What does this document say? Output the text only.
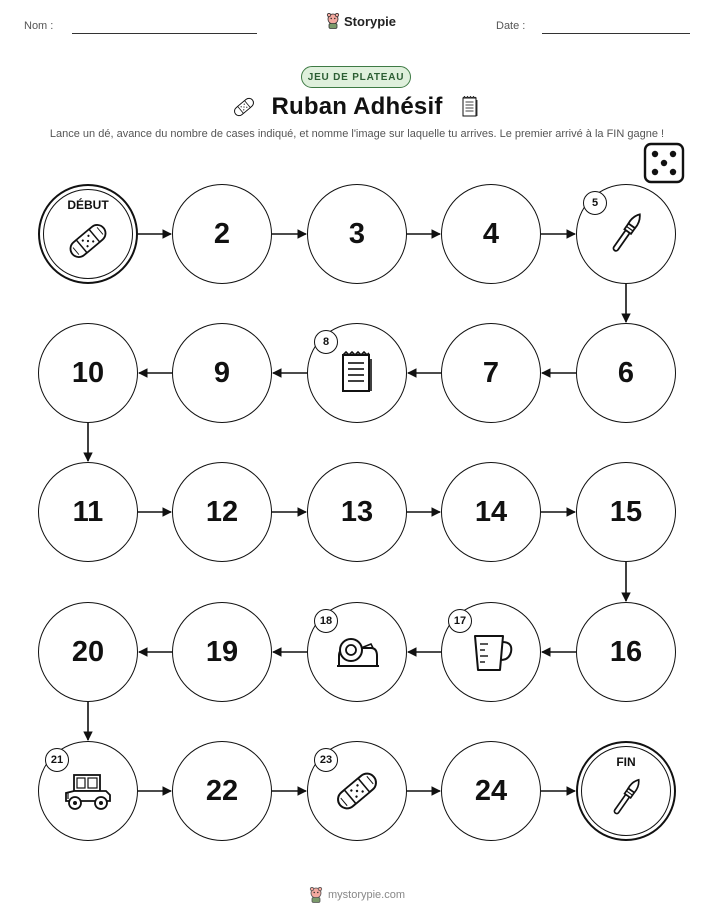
Nom :	Storypie	Date :
JEU DE PLATEAU
Ruban Adhésif
Lance un dé, avance du nombre de cases indiqué, et nomme l'image sur laquelle tu arrives. Le premier arrivé à la FIN gagne !
DÉBUT
2	3	4
5
6
7
8
9
10
11	12	13	14	15
16
17
18
19
20
21
22
23
24
FIN
mystorypie.com
